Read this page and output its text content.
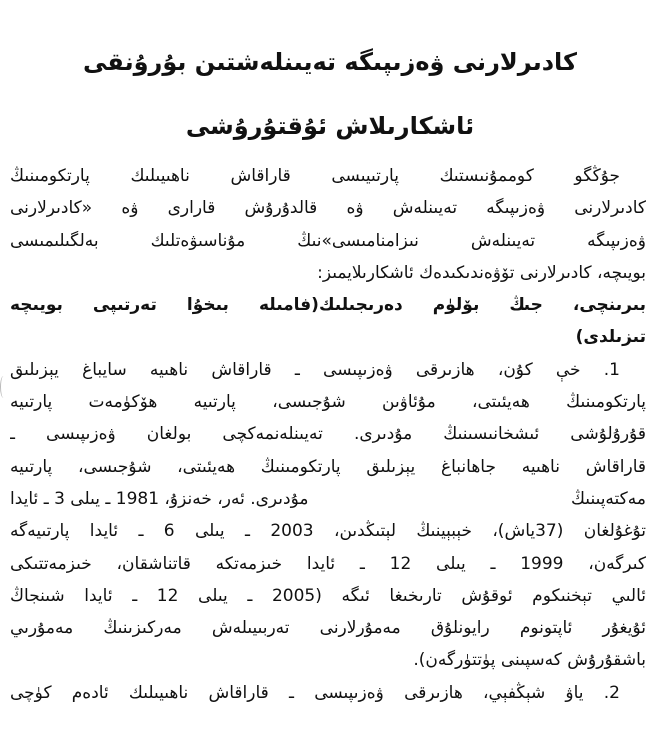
كادىرلارنى ۋەزىپىگە تەيىنلەشتىن بۇرۇنقى
ئاشكارىلاش ئۇقتۇرۇشى

جۇڭگو كوممۇنىستىك پارتىيىسى قاراقاش ناھىيىلىك پارتكومىنىڭ
كادىرلارنى ۋەزىپىگە تەيىنلەش ۋە قالدۇرۇش قارارى ۋە «كادىرلارنى
ۋەزىپىگە تەيىنلەش نىزامنامىسى»نىڭ مۇناسىۋەتلىك بەلگىلىمىسى
بويىچە، كادىرلارنى تۆۋەندىكىدەك ئاشكارىلايمىز:

بىرىنچى، جىڭ بۆلۈم دەرىجىلىك(فامىلە بىخۇا تەرتىپى بويىچە
تىزىلدى)

1. خې كۇن، ھازىرقى ۋەزىپىسى ـ قاراقاش ناھىيە سايباغ يېزىلىق
پارتكومىنىڭ ھەيئىتى، مۇئاۋىن شۇجىسى، پارتىيە ھۆكۈمەت پارتىيە
قۇرۇلۇشى ئىشخانىسىنىڭ مۇدىرى. تەيىنلەنمەكچى بولغان ۋەزىپىسى ـ
قاراقاش ناھىيە جاھانباغ يېزىلىق پارتكومىنىڭ ھەيئىتى، شۇجىسى، پارتىيە
مەكتەپىنىڭ
مۇدىرى. ئەر، خەنزۇ، 1981 ـ يىلى 3 ـ ئايدا
تۇغۇلغان (37ياش)، خېبېينىڭ لېتىڭدىن، 2003 ـ يىلى 6 ـ ئايدا پارتىيەگە
كىرگەن، 1999 ـ يىلى 12 ـ ئايدا خىزمەتكە قاتناشقان، خىزمەتتىكى
ئالىي تېخنىكوم ئوقۇش تارىخىغا ئىگە (2005 ـ يىلى 12 ـ ئايدا شىنجاڭ
ئۇيغۇر ئاپتونوم رايونلۇق مەمۇرلارنى تەربىيىلەش مەركىزىنىڭ مەمۇرىي
باشقۇرۇش كەسپىنى پۈتتۈرگەن).

2. ياۋ شېڭفېي، ھازىرقى ۋەزىپىسى ـ قاراقاش ناھىيىلىك ئادەم كۈچى
